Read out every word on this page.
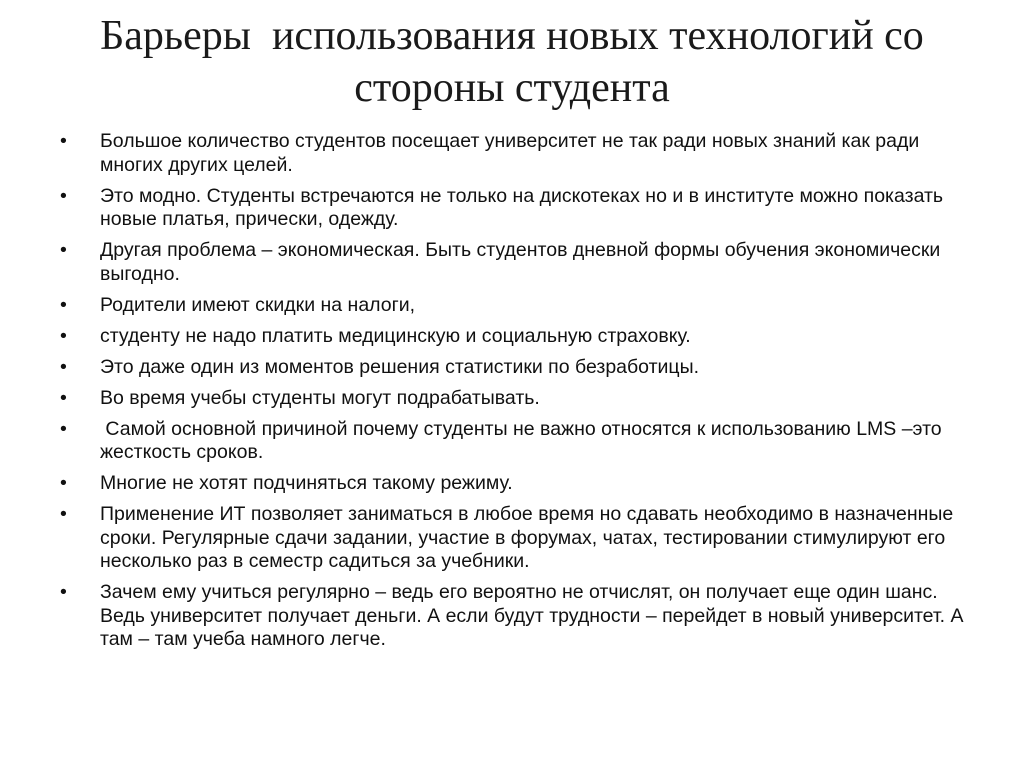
Барьеры  использования новых технологий со стороны студента
•	Большое количество студентов посещает университет не так ради новых знаний как ради многих других целей.
•	Это модно. Студенты встречаются не только на дискотеках но и в институте можно показать новые платья, прически, одежду.
•	Другая проблема – экономическая. Быть студентов дневной формы обучения экономически выгодно.
•	Родители имеют скидки на налоги,
•	студенту не надо платить медицинскую и социальную страховку.
•	Это даже один из моментов решения статистики по безработицы.
•	Во время учебы студенты могут подрабатывать.
•	Самой основной причиной почему студенты не важно относятся к использованию LMS –это жесткость сроков.
•	Многие не хотят подчиняться такому режиму.
•	Применение ИТ позволяет заниматься в любое время но сдавать необходимо в назначенные сроки. Регулярные сдачи задании, участие в форумах, чатах, тестировании стимулируют его несколько раз в семестр садиться за учебники.
•	Зачем ему учиться регулярно – ведь его вероятно не отчислят, он получает еще один шанс.  Ведь университет получает деньги. А если будут трудности – перейдет в новый университет. А там – там учеба намного легче.
